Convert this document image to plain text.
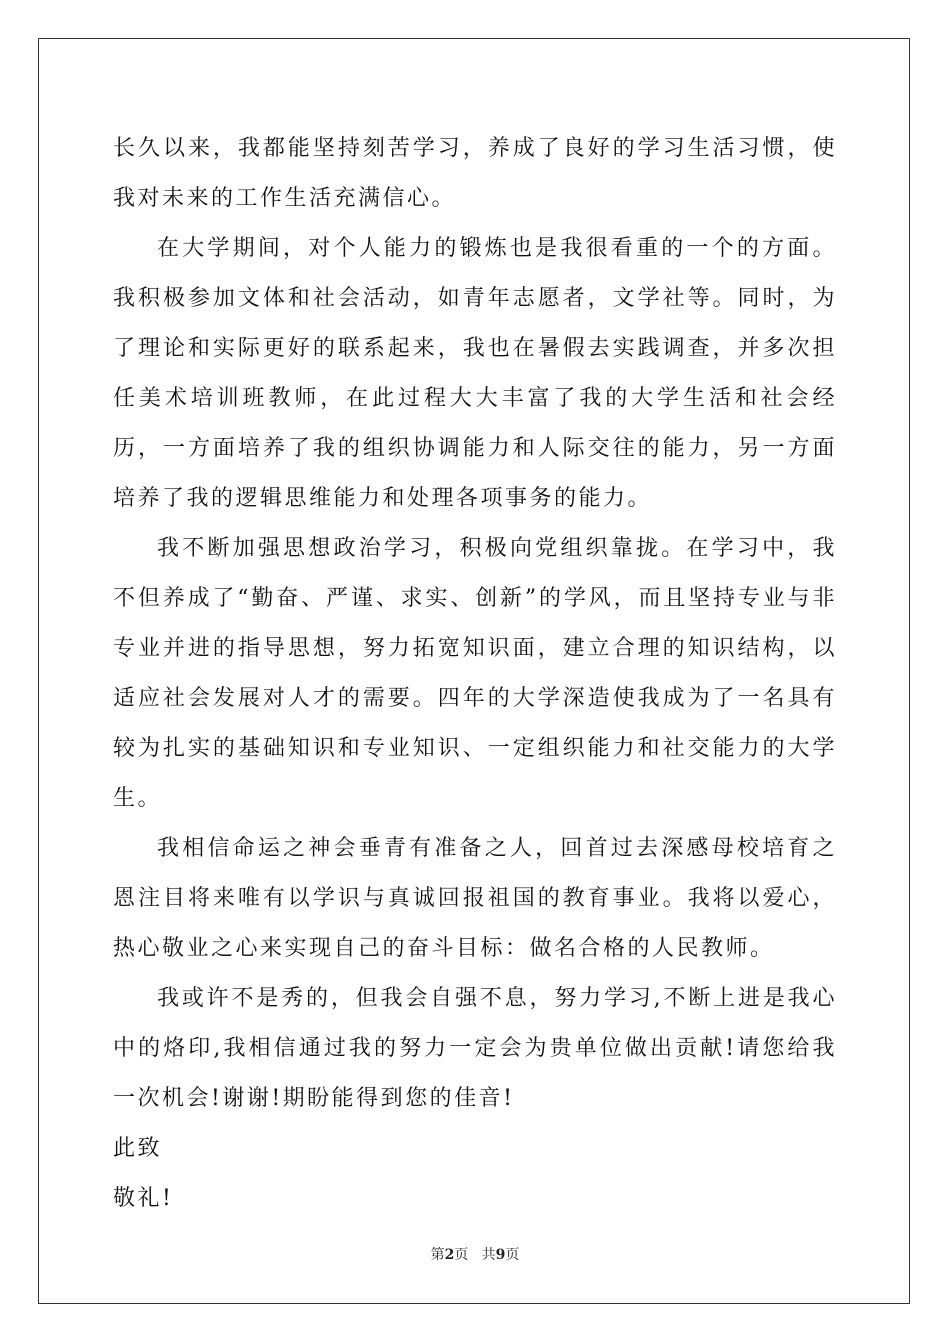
长久以来，我都能坚持刻苦学习，养成了良好的学习生活习惯，使我对未来的工作生活充满信心。

在大学期间，对个人能力的锻炼也是我很看重的一个的方面。我积极参加文体和社会活动，如青年志愿者，文学社等。同时，为了理论和实际更好的联系起来，我也在暑假去实践调查，并多次担任美术培训班教师，在此过程大大丰富了我的大学生活和社会经历，一方面培养了我的组织协调能力和人际交往的能力，另一方面培养了我的逻辑思维能力和处理各项事务的能力。

我不断加强思想政治学习，积极向党组织靠拢。在学习中，我不但养成了“勤奋、严谨、求实、创新”的学风，而且坚持专业与非专业并进的指导思想，努力拓宽知识面，建立合理的知识结构，以适应社会发展对人才的需要。四年的大学深造使我成为了一名具有较为扎实的基础知识和专业知识、一定组织能力和社交能力的大学生。

我相信命运之神会垂青有准备之人，回首过去深感母校培育之恩注目将来唯有以学识与真诚回报祖国的教育事业。我将以爱心，热心敬业之心来实现自己的奋斗目标：做名合格的人民教师。

我或许不是秀的，但我会自强不息，努力学习,不断上进是我心中的烙印,我相信通过我的努力一定会为贵单位做出贡献!请您给我一次机会!谢谢!期盼能得到您的佳音!

此致

敬礼!

第2页 共9页
